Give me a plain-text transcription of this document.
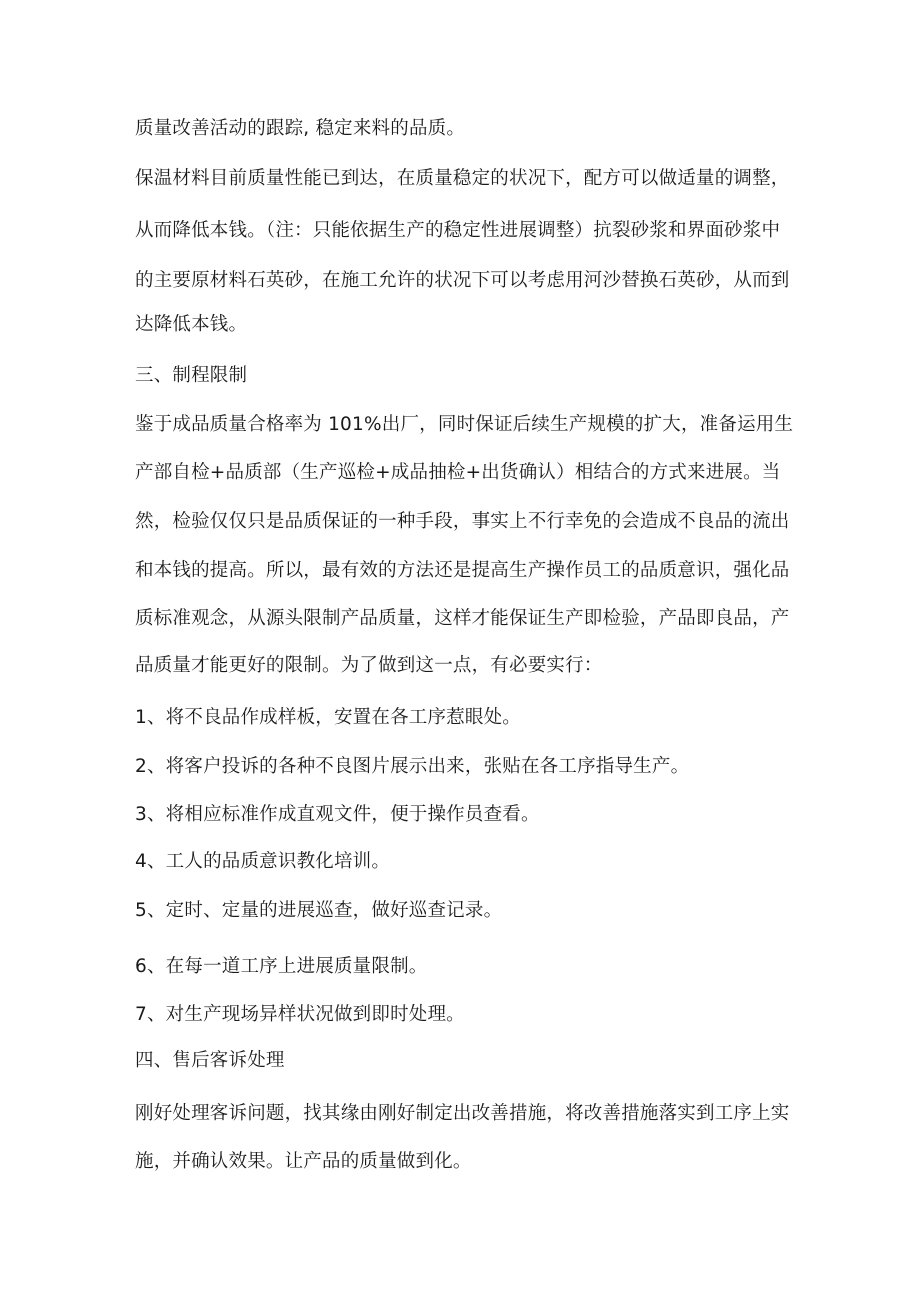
质量改善活动的跟踪, 稳定来料的品质。
保温材料目前质量性能已到达，在质量稳定的状况下，配方可以做适量的调整，
从而降低本钱。（注：只能依据生产的稳定性进展调整）抗裂砂浆和界面砂浆中
的主要原材料石英砂，在施工允许的状况下可以考虑用河沙替换石英砂，从而到
达降低本钱。
三、制程限制
鉴于成品质量合格率为 101%出厂，同时保证后续生产规模的扩大，准备运用生
产部自检+品质部（生产巡检+成品抽检+出货确认）相结合的方式来进展。当
然，检验仅仅只是品质保证的一种手段，事实上不行幸免的会造成不良品的流出
和本钱的提高。所以，最有效的方法还是提高生产操作员工的品质意识，强化品
质标准观念，从源头限制产品质量，这样才能保证生产即检验，产品即良品，产
品质量才能更好的限制。为了做到这一点，有必要实行：
1、将不良品作成样板，安置在各工序惹眼处。
2、将客户投诉的各种不良图片展示出来，张贴在各工序指导生产。
3、将相应标准作成直观文件，便于操作员查看。
4、工人的品质意识教化培训。
5、定时、定量的进展巡查，做好巡查记录。
6、在每一道工序上进展质量限制。
7、对生产现场异样状况做到即时处理。
四、售后客诉处理
刚好处理客诉问题，找其缘由刚好制定出改善措施，将改善措施落实到工序上实
施，并确认效果。让产品的质量做到化。
